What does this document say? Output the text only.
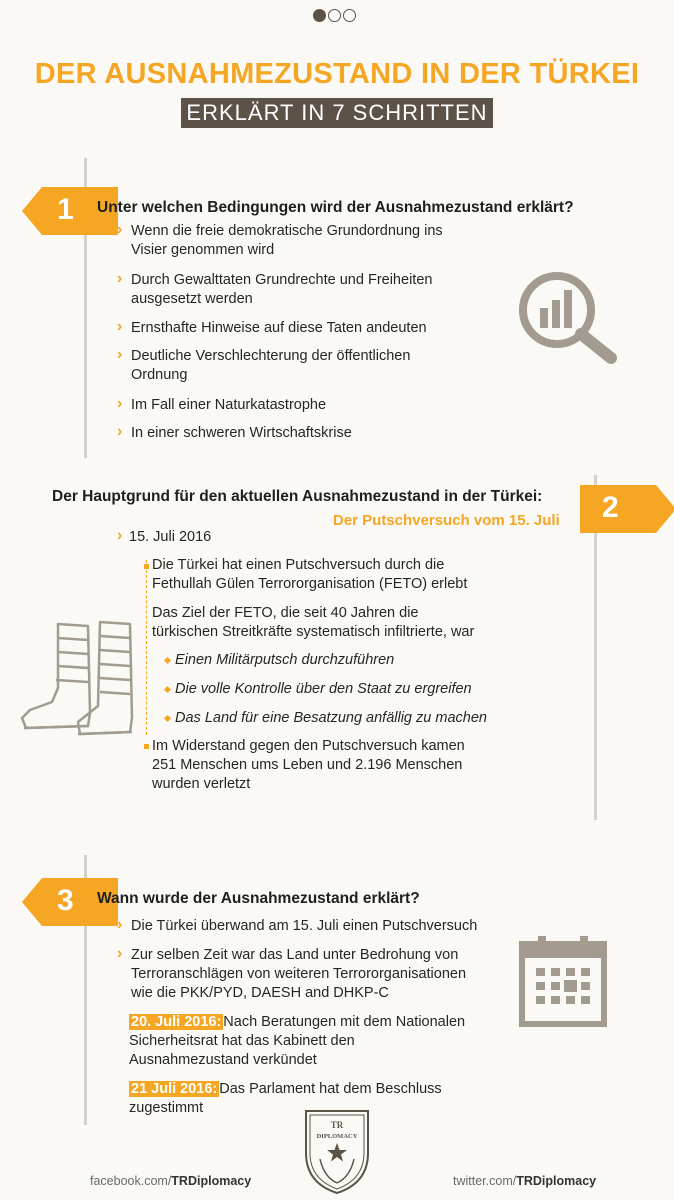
DER AUSNAHMEZUSTAND IN DER TÜRKEI
ERKLÄRT IN 7 SCHRITTEN
1 Unter welchen Bedingungen wird der Ausnahmezustand erklärt?
› Wenn die freie demokratische Grundordnung ins
Visier genommen wird
› Durch Gewalttaten Grundrechte und Freiheiten
ausgesetzt werden
› Ernsthafte Hinweise auf diese Taten andeuten
› Deutliche Verschlechterung der öffentlichen
Ordnung
› Im Fall einer Naturkatastrophe
› In einer schweren Wirtschaftskrise
Der Hauptgrund für den aktuellen Ausnahmezustand in der Türkei:
Der Putschversuch vom 15. Juli 2
› 15. Juli 2016
Die Türkei hat einen Putschversuch durch die
Fethullah Gülen Terrororganisation (FETO) erlebt
Das Ziel der FETO, die seit 40 Jahren die
türkischen Streitkräfte systematisch infiltrierte, war
Einen Militärputsch durchzuführen
Die volle Kontrolle über den Staat zu ergreifen
Das Land für eine Besatzung anfällig zu machen
Im Widerstand gegen den Putschversuch kamen
251 Menschen ums Leben und 2.196 Menschen
wurden verletzt
3 Wann wurde der Ausnahmezustand erklärt?
› Die Türkei überwand am 15. Juli einen Putschversuch
› Zur selben Zeit war das Land unter Bedrohung von
Terroranschlägen von weiteren Terrororganisationen
wie die PKK/PYD, DAESH and DHKP-C
20. Juli 2016: Nach Beratungen mit dem Nationalen
Sicherheitsrat hat das Kabinett den
Ausnahmezustand verkündet
21 Juli 2016: Das Parlament hat dem Beschluss
zugestimmt
facebook.com/TRDiplomacy	twitter.com/TRDiplomacy
TR
DIPLOMACY
